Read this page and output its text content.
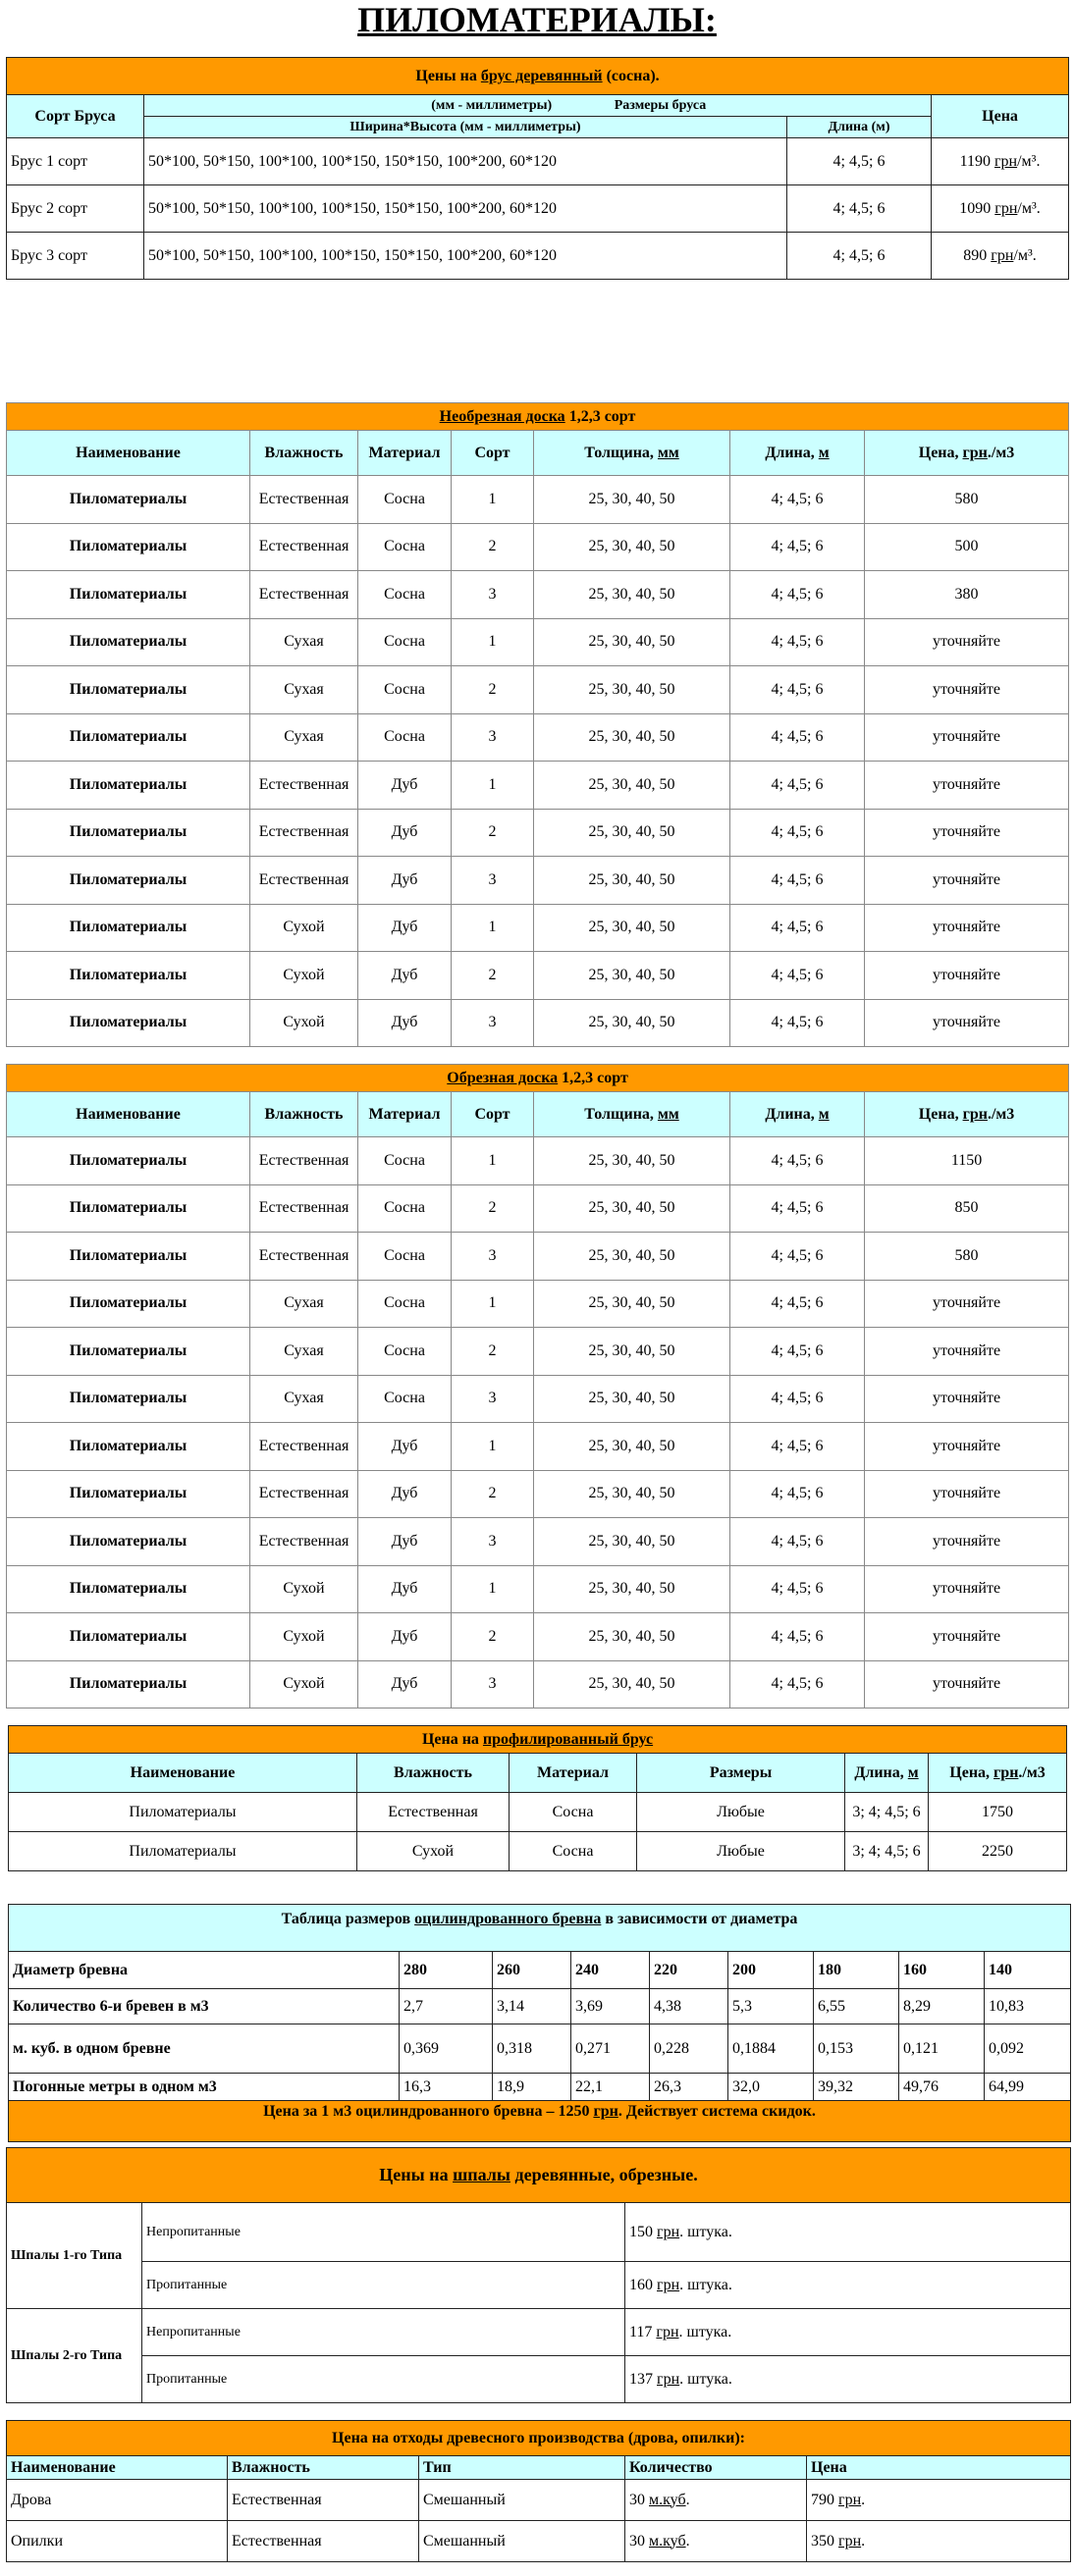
ПИЛОМАТЕРИАЛЫ:
Цены на брус деревянный (сосна).			
Сорт Бруса	(мм - миллиметры) Размеры бруса		Цена
	Ширина*Высота (мм - миллиметры)	Длина (м)	
Брус 1 сорт	50*100, 50*150, 100*100, 100*150, 150*150, 100*200, 60*120	4; 4,5; 6	1190 грн/м³.
Брус 2 сорт	50*100, 50*150, 100*100, 100*150, 150*150, 100*200, 60*120	4; 4,5; 6	1090 грн/м³.
Брус 3 сорт	50*100, 50*150, 100*100, 100*150, 150*150, 100*200, 60*120	4; 4,5; 6	890 грн/м³.
Необрезная доска 1,2,3 сорт						
Наименование	Влажность	Материал	Сорт	Толщина, мм	Длина, м	Цена, грн./м3
Пиломатериалы	Естественная	Сосна	1	25, 30, 40, 50	4; 4,5; 6	580
Пиломатериалы	Естественная	Сосна	2	25, 30, 40, 50	4; 4,5; 6	500
Пиломатериалы	Естественная	Сосна	3	25, 30, 40, 50	4; 4,5; 6	380
Пиломатериалы	Сухая	Сосна	1	25, 30, 40, 50	4; 4,5; 6	уточняйте
Пиломатериалы	Сухая	Сосна	2	25, 30, 40, 50	4; 4,5; 6	уточняйте
Пиломатериалы	Сухая	Сосна	3	25, 30, 40, 50	4; 4,5; 6	уточняйте
Пиломатериалы	Естественная	Дуб	1	25, 30, 40, 50	4; 4,5; 6	уточняйте
Пиломатериалы	Естественная	Дуб	2	25, 30, 40, 50	4; 4,5; 6	уточняйте
Пиломатериалы	Естественная	Дуб	3	25, 30, 40, 50	4; 4,5; 6	уточняйте
Пиломатериалы	Сухой	Дуб	1	25, 30, 40, 50	4; 4,5; 6	уточняйте
Пиломатериалы	Сухой	Дуб	2	25, 30, 40, 50	4; 4,5; 6	уточняйте
Пиломатериалы	Сухой	Дуб	3	25, 30, 40, 50	4; 4,5; 6	уточняйте
Обрезная доска 1,2,3 сорт						
Наименование	Влажность	Материал	Сорт	Толщина, мм	Длина, м	Цена, грн./м3
Пиломатериалы	Естественная	Сосна	1	25, 30, 40, 50	4; 4,5; 6	1150
Пиломатериалы	Естественная	Сосна	2	25, 30, 40, 50	4; 4,5; 6	850
Пиломатериалы	Естественная	Сосна	3	25, 30, 40, 50	4; 4,5; 6	580
Пиломатериалы	Сухая	Сосна	1	25, 30, 40, 50	4; 4,5; 6	уточняйте
Пиломатериалы	Сухая	Сосна	2	25, 30, 40, 50	4; 4,5; 6	уточняйте
Пиломатериалы	Сухая	Сосна	3	25, 30, 40, 50	4; 4,5; 6	уточняйте
Пиломатериалы	Естественная	Дуб	1	25, 30, 40, 50	4; 4,5; 6	уточняйте
Пиломатериалы	Естественная	Дуб	2	25, 30, 40, 50	4; 4,5; 6	уточняйте
Пиломатериалы	Естественная	Дуб	3	25, 30, 40, 50	4; 4,5; 6	уточняйте
Пиломатериалы	Сухой	Дуб	1	25, 30, 40, 50	4; 4,5; 6	уточняйте
Пиломатериалы	Сухой	Дуб	2	25, 30, 40, 50	4; 4,5; 6	уточняйте
Пиломатериалы	Сухой	Дуб	3	25, 30, 40, 50	4; 4,5; 6	уточняйте
Цена на профилированный брус					
Наименование	Влажность	Материал	Размеры	Длина, м	Цена, грн./м3
Пиломатериалы	Естественная	Сосна	Любые	3; 4; 4,5; 6	1750
Пиломатериалы	Сухой	Сосна	Любые	3; 4; 4,5; 6	2250
Таблица размеров оцилиндрованного бревна в зависимости от диаметра								
Диаметр бревна	280	260	240	220	200	180	160	140
Количество 6-и бревен в м3	2,7	3,14	3,69	4,38	5,3	6,55	8,29	10,83
м. куб. в одном бревне	0,369	0,318	0,271	0,228	0,1884	0,153	0,121	0,092
Погонные метры в одном м3	16,3	18,9	22,1	26,3	32,0	39,32	49,76	64,99
Цена за 1 м3 оцилиндрованного бревна – 1250 грн. Действует система скидок.								
Цены на шпалы деревянные, обрезные.		
Шпалы 1-го Типа	Непропитанные	150 грн. штука.
	Пропитанные	160 грн. штука.
Шпалы 2-го Типа	Непропитанные	117 грн. штука.
	Пропитанные	137 грн. штука.
Цена на отходы древесного производства (дрова, опилки):				
Наименование	Влажность	Тип	Количество	Цена
Дрова	Естественная	Смешанный	30 м.куб.	790 грн.
Опилки	Естественная	Смешанный	30 м.куб.	350 грн.
